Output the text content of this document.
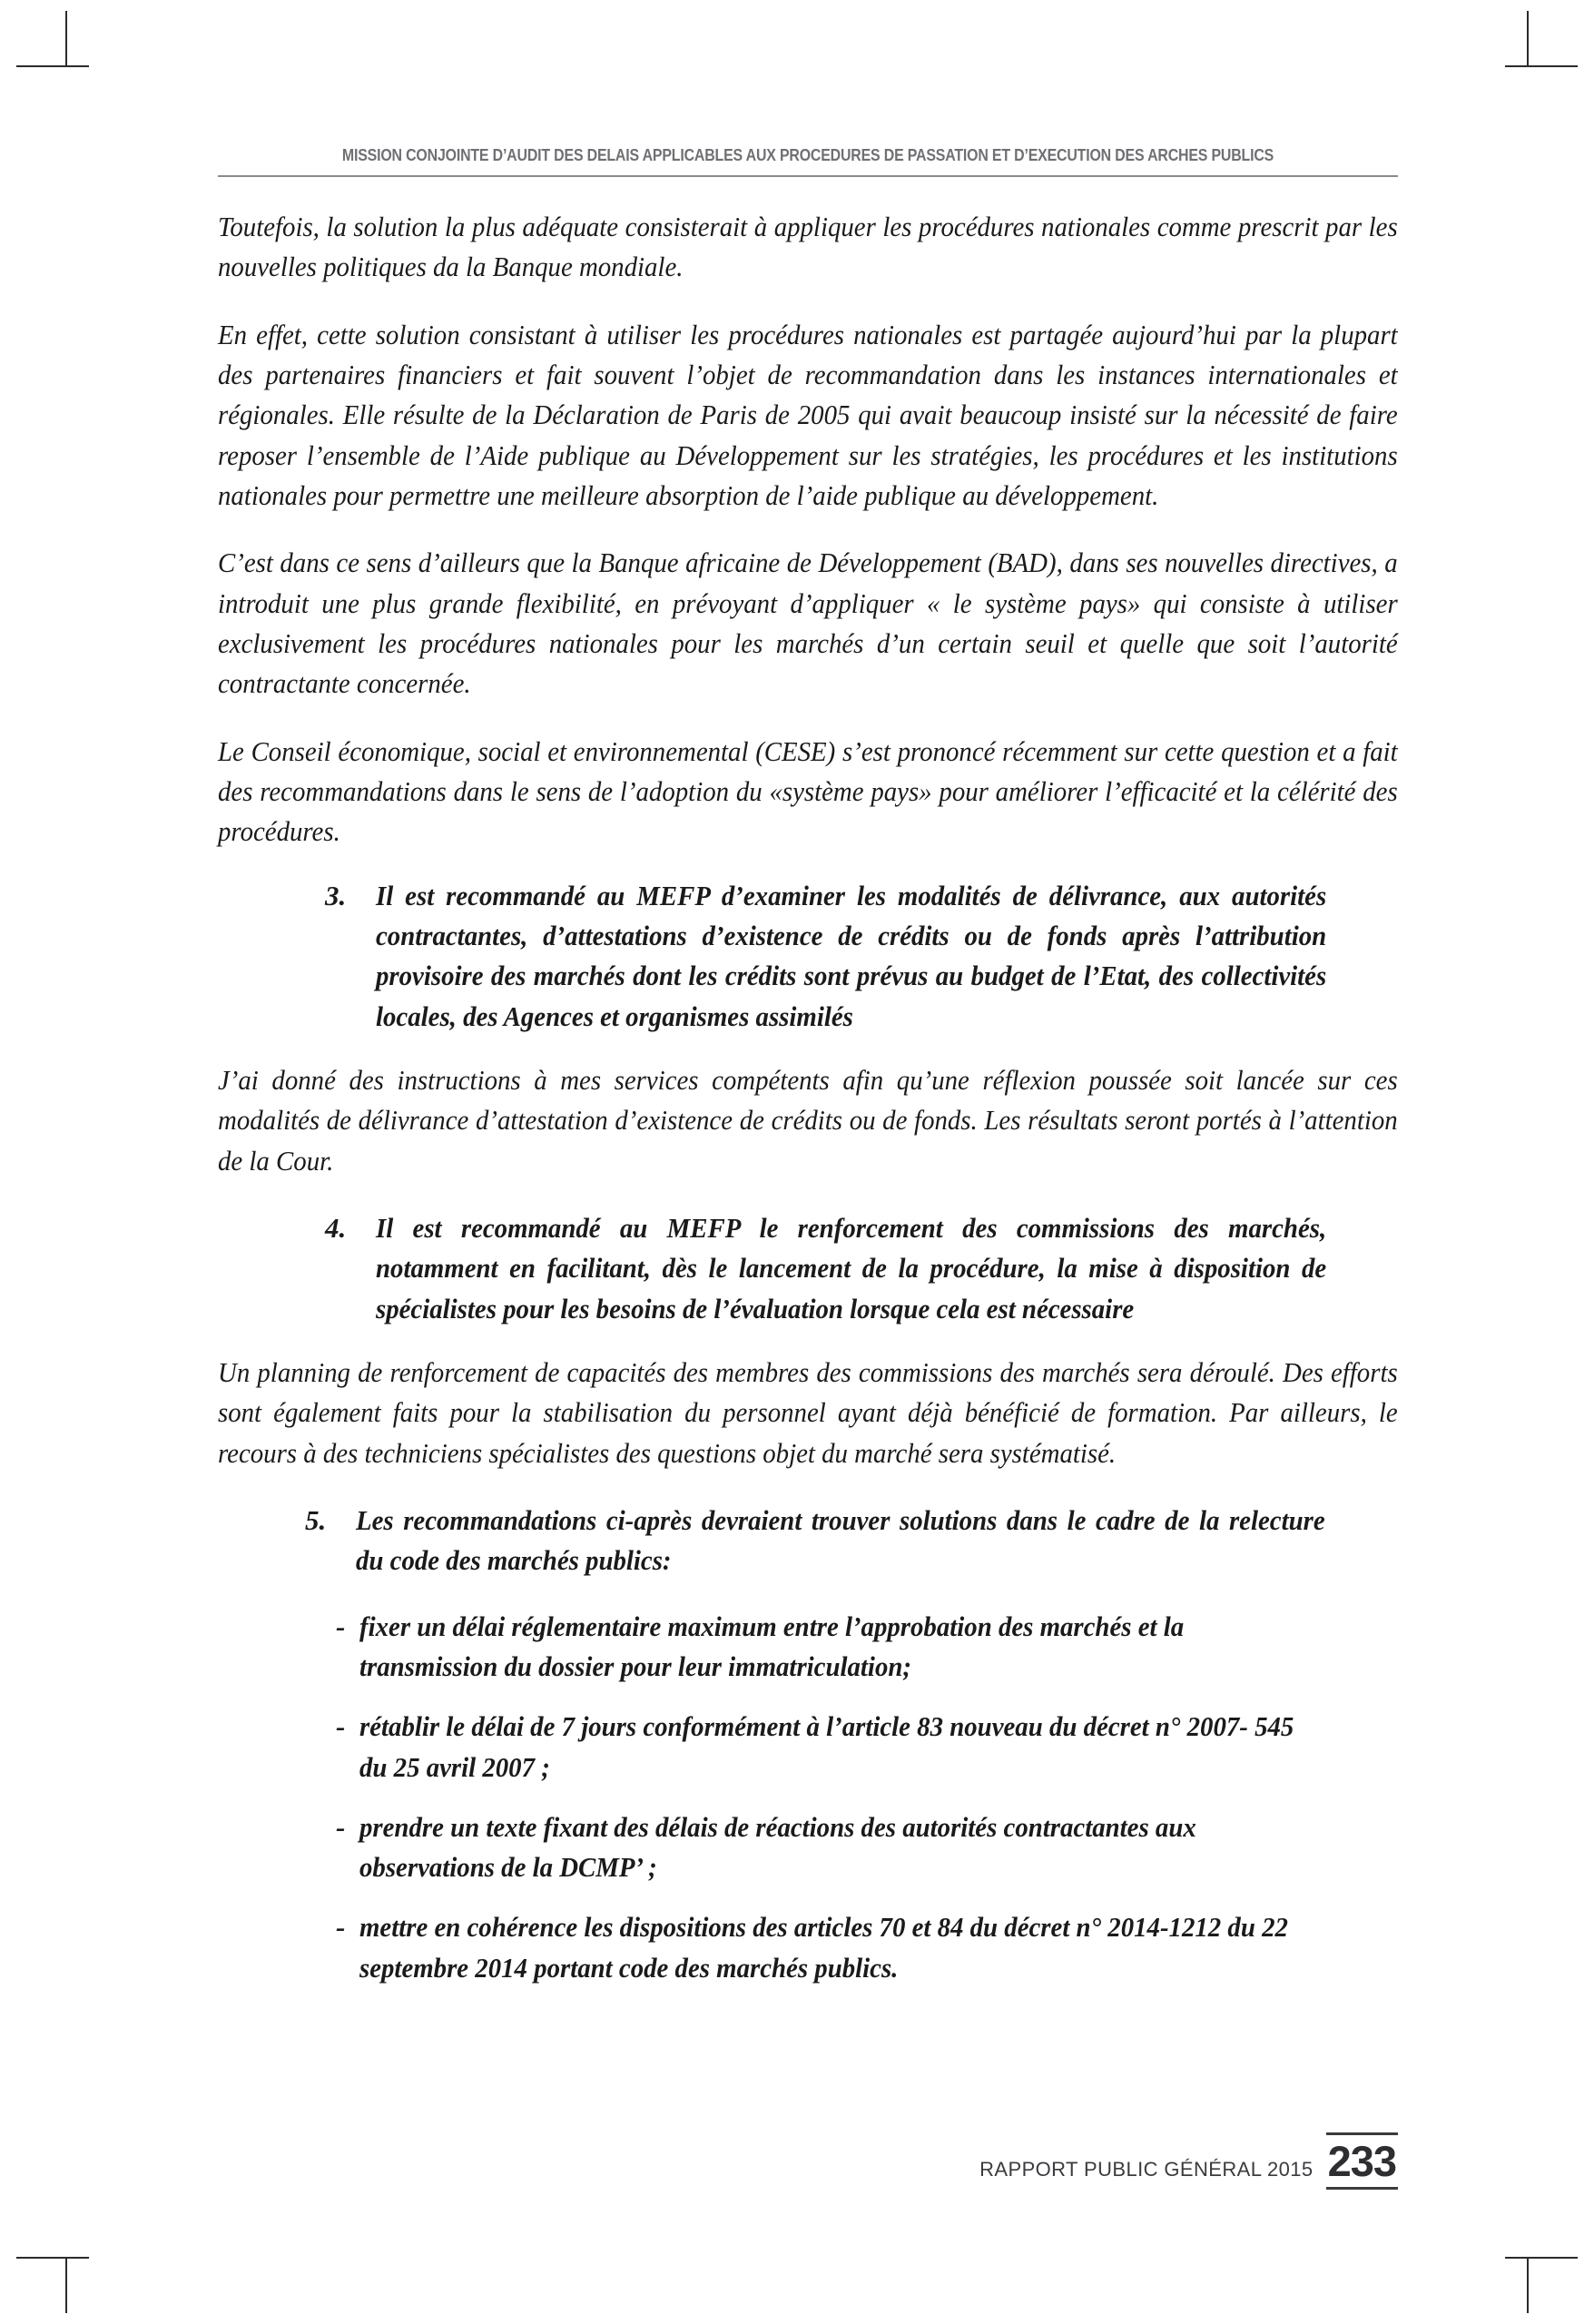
MISSION CONJOINTE D’AUDIT DES DELAIS APPLICABLES AUX PROCEDURES DE PASSATION ET D’EXECUTION DES ARCHES PUBLICS

Toutefois, la solution la plus adéquate consisterait à appliquer les procédures nationales comme prescrit par les nouvelles politiques da la Banque mondiale.

En effet, cette solution consistant à utiliser les procédures nationales est partagée aujourd’hui par la plupart des partenaires financiers et fait souvent l’objet de recommandation dans les instances internationales et régionales. Elle résulte de la Déclaration de Paris de 2005 qui avait beaucoup insisté sur la nécessité de faire reposer l’ensemble de l’Aide publique au Développement sur les stratégies, les procédures et les institutions nationales pour permettre une meilleure absorption de l’aide publique au développement.

C’est dans ce sens d’ailleurs que la Banque africaine de Développement (BAD), dans ses nouvelles directives, a introduit une plus grande flexibilité, en prévoyant d’appliquer « le système pays» qui consiste à utiliser exclusivement les procédures nationales pour les marchés d’un certain seuil et quelle que soit l’autorité contractante concernée.

Le Conseil économique, social et environnemental (CESE) s’est prononcé récemment sur cette question et a fait des recommandations dans le sens de l’adoption du «système pays» pour améliorer l’efficacité et la célérité des procédures.

3.	Il est recommandé au MEFP d’examiner les modalités de délivrance, aux autorités contractantes, d’attestations d’existence de crédits ou de fonds après l’attribution provisoire des marchés dont les crédits sont prévus au budget de l’Etat, des collectivités locales, des Agences et organismes assimilés

J’ai donné des instructions à mes services compétents afin qu’une réflexion poussée soit lancée sur ces modalités de délivrance d’attestation d’existence de crédits ou de fonds. Les résultats seront portés à l’attention de la Cour.

4.	Il est recommandé au MEFP le renforcement des commissions des marchés, notamment en facilitant, dès le lancement de la procédure, la mise à disposition de spécialistes pour les besoins de l’évaluation lorsque cela est nécessaire

Un planning de renforcement de capacités des membres des commissions des marchés sera déroulé. Des efforts sont également faits pour la stabilisation du personnel ayant déjà bénéficié de formation. Par ailleurs, le recours à des techniciens spécialistes des questions objet du marché sera systématisé.

5.	Les recommandations ci-après devraient trouver solutions dans le cadre de la relecture du code des marchés publics:
- fixer un délai réglementaire maximum entre l’approbation des marchés et la transmission du dossier pour leur immatriculation;
- rétablir le délai de 7 jours conformément à l’article 83 nouveau du décret n° 2007- 545 du 25 avril 2007 ;
- prendre un texte fixant des délais de réactions des autorités contractantes aux observations de la DCMP’ ;
- mettre en cohérence les dispositions des articles 70 et 84 du décret n° 2014-1212 du 22 septembre 2014 portant code des marchés publics.
RAPPORT PUBLIC GÉNÉRAL 2015 233
